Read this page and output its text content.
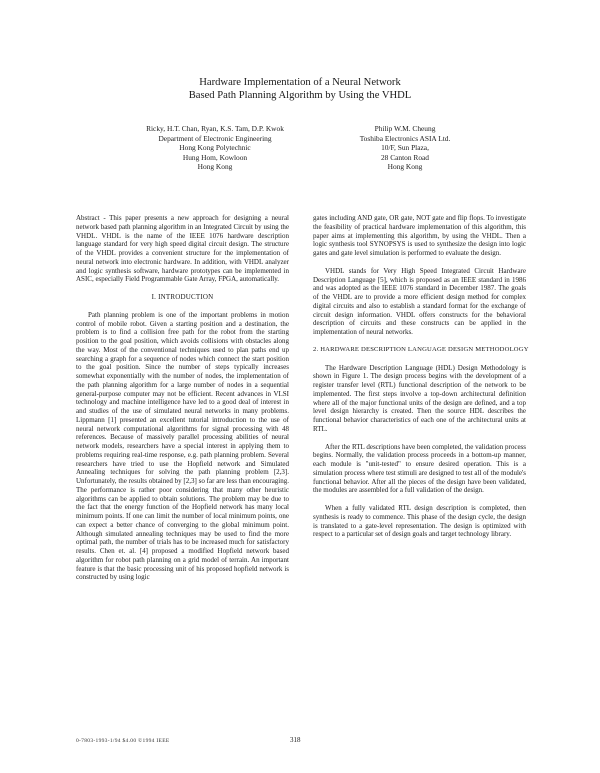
Hardware Implementation of a Neural Network
Based Path Planning Algorithm by Using the VHDL
Ricky, H.T. Chan, Ryan, K.S. Tam, D.P. Kwok
Department of Electronic Engineering
Hong Kong Polytechnic
Hung Hom, Kowloon
Hong Kong
Philip W.M. Cheung
Toshiba Electronics ASIA Ltd.
10/F, Sun Plaza,
28 Canton Road
Hong Kong

Abstract - This paper presents a new approach for designing a neural network based path planning algorithm in an Integrated Circuit by using the VHDL. VHDL is the name of the IEEE 1076 hardware description language standard for very high speed digital circuit design. The structure of the VHDL provides a convenient structure for the implementation of neural network into electronic hardware. In addition, with VHDL analyzer and logic synthesis software, hardware prototypes can be implemented in ASIC, especially Field Programmable Gate Array, FPGA, automatically.

I. INTRODUCTION

Path planning problem is one of the important problems in motion control of mobile robot. Given a starting position and a destination, the problem is to find a collision free path for the robot from the starting position to the goal position, which avoids collisions with obstacles along the way. Most of the conventional techniques used to plan paths end up searching a graph for a sequence of nodes which connect the start position to the goal position. Since the number of steps typically increases somewhat exponentially with the number of nodes, the implementation of the path planning algorithm for a large number of nodes in a sequential general-purpose computer may not be efficient. Recent advances in VLSI technology and machine intelligence have led to a good deal of interest in and studies of the use of simulated neural networks in many problems. Lippmann [1] presented an excellent tutorial introduction to the use of neural network computational algorithms for signal processing with 48 references. Because of massively parallel processing abilities of neural network models, researchers have a special interest in applying them to problems requiring real-time response, e.g. path planning problem. Several researchers have tried to use the Hopfield network and Simulated Annealing techniques for solving the path planning problem [2,3]. Unfortunately, the results obtained by [2,3] so far are less than encouraging. The performance is rather poor considering that many other heuristic algorithms can be applied to obtain solutions. The problem may be due to the fact that the energy function of the Hopfield network has many local minimum points. If one can limit the number of local minimum points, one can expect a better chance of converging to the global minimum point. Although simulated annealing techniques may be used to find the more optimal path, the number of trials has to be increased much for satisfactory results. Chen et. al. [4] proposed a modified Hopfield network based algorithm for robot path planning on a grid model of terrain. An important feature is that the basic processing unit of his proposed hopfield network is constructed by using logic

gates including AND gate, OR gate, NOT gate and flip flops. To investigate the feasibility of practical hardware implementation of this algorithm, this paper aims at implementing this algorithm, by using the VHDL. Then a logic synthesis tool SYNOPSYS is used to synthesize the design into logic gates and gate level simulation is performed to evaluate the design.

VHDL stands for Very High Speed Integrated Circuit Hardware Description Language [5], which is proposed as an IEEE standard in 1986 and was adopted as the IEEE 1076 standard in December 1987. The goals of the VHDL are to provide a more efficient design method for complex digital circuits and also to establish a standard format for the exchange of circuit design information. VHDL offers constructs for the behavioral description of circuits and these constructs can be applied in the implementation of neural networks.

2. HARDWARE DESCRIPTION LANGUAGE DESIGN METHODOLOGY

The Hardware Description Language (HDL) Design Methodology is shown in Figure 1. The design process begins with the development of a register transfer level (RTL) functional description of the network to be implemented. The first steps involve a top-down architectural definition where all of the major functional units of the design are defined, and a top level design hierarchy is created. Then the source HDL describes the functional behavior characteristics of each one of the architectural units at RTL.

After the RTL descriptions have been completed, the validation process begins. Normally, the validation process proceeds in a bottom-up manner, each module is "unit-tested" to ensure desired operation. This is a simulation process where test stimuli are designed to test all of the module's functional behavior. After all the pieces of the design have been validated, the modules are assembled for a full validation of the design.

When a fully validated RTL design description is completed, then synthesis is ready to commence. This phase of the design cycle, the design is translated to a gate-level representation. The design is optimized with respect to a particular set of design goals and target technology library.

0-7803-1993-1/94 $4.00 ©1994 IEEE	318
